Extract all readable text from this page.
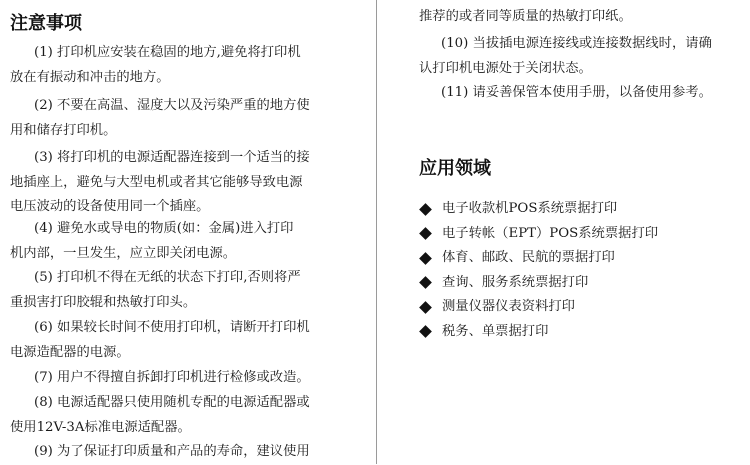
注意事项

(1) 打印机应安装在稳固的地方,避免将打印机
放在有振动和冲击的地方。

(2) 不要在高温、湿度大以及污染严重的地方使
用和储存打印机。

(3) 将打印机的电源适配器连接到一个适当的接
地插座上，避免与大型电机或者其它能够导致电源
电压波动的设备使用同一个插座。

(4) 避免水或导电的物质(如：金属)进入打印
机内部，一旦发生，应立即关闭电源。

(5) 打印机不得在无纸的状态下打印,否则将严
重损害打印胶辊和热敏打印头。

(6) 如果较长时间不使用打印机，请断开打印机
电源造配器的电源。

(7) 用户不得擅自拆卸打印机进行检修或改造。

(8) 电源适配器只使用随机专配的电源适配器或
使用12V-3A标准电源适配器。

(9) 为了保证打印质量和产品的寿命，建议使用

推荐的或者同等质量的热敏打印纸。

(10) 当拔插电源连接线或连接数据线时，请确
认打印机电源处于关闭状态。

(11) 请妥善保管本使用手册，以备使用参考。

应用领域
电子收款机POS系统票据打印
电子转帐（EPT）POS系统票据打印
体育、邮政、民航的票据打印
查询、服务系统票据打印
测量仪器仪表资料打印
税务、单票据打印
